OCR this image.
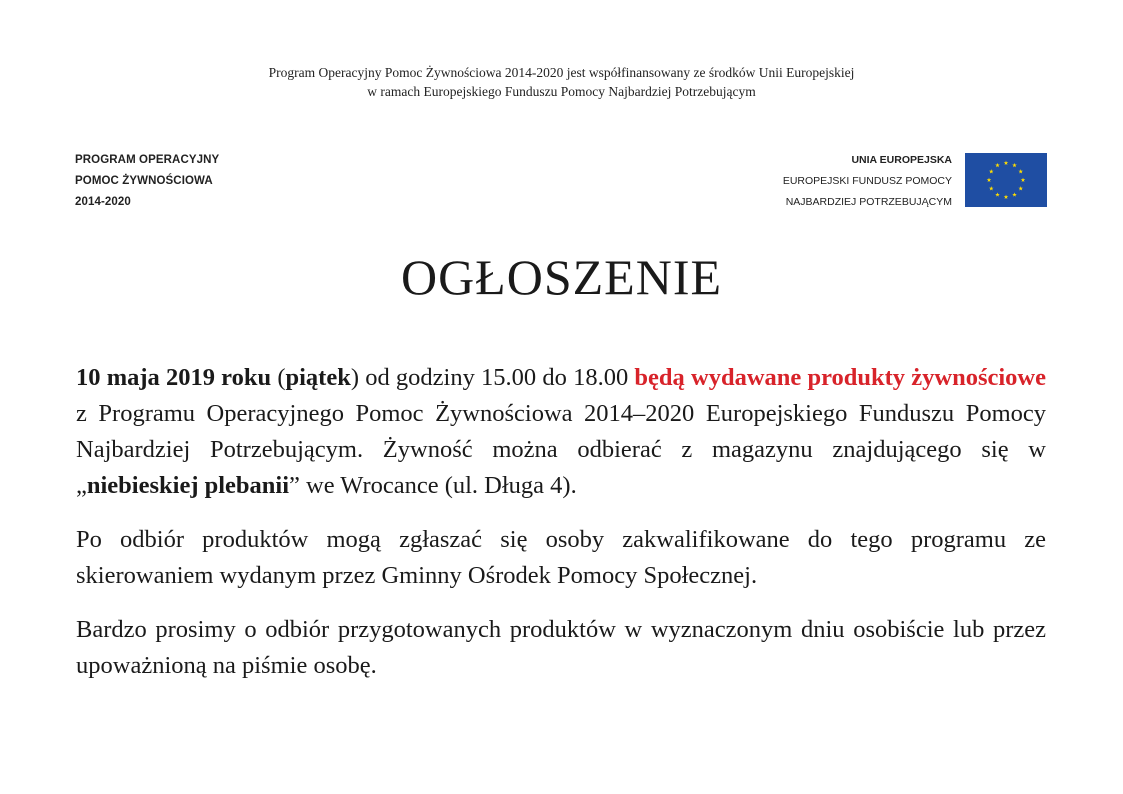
Program Operacyjny Pomoc Żywnościowa 2014-2020 jest współfinansowany ze środków Unii Europejskiej
w ramach Europejskiego Funduszu Pomocy Najbardziej Potrzebującym
PROGRAM OPERACYJNY
POMOC ŻYWNOŚCIOWA
2014-2020
UNIA EUROPEJSKA
EUROPEJSKI FUNDUSZ POMOCY
NAJBARDZIEJ POTRZEBUJĄCYM
OGŁOSZENIE

10 maja 2019 roku (piątek) od godziny 15.00 do 18.00 będą wydawane produkty żywnościowe z Programu Operacyjnego Pomoc Żywnościowa 2014–2020 Europejskiego Funduszu Pomocy Najbardziej Potrzebującym. Żywność można odbierać z magazynu znajdującego się w „niebieskiej plebanii” we Wrocance (ul. Długa 4).

Po odbiór produktów mogą zgłaszać się osoby zakwalifikowane do tego programu ze skierowaniem wydanym przez Gminny Ośrodek Pomocy Społecznej.

Bardzo prosimy o odbiór przygotowanych produktów w wyznaczonym dniu osobiście lub przez upoważnioną na piśmie osobę.
